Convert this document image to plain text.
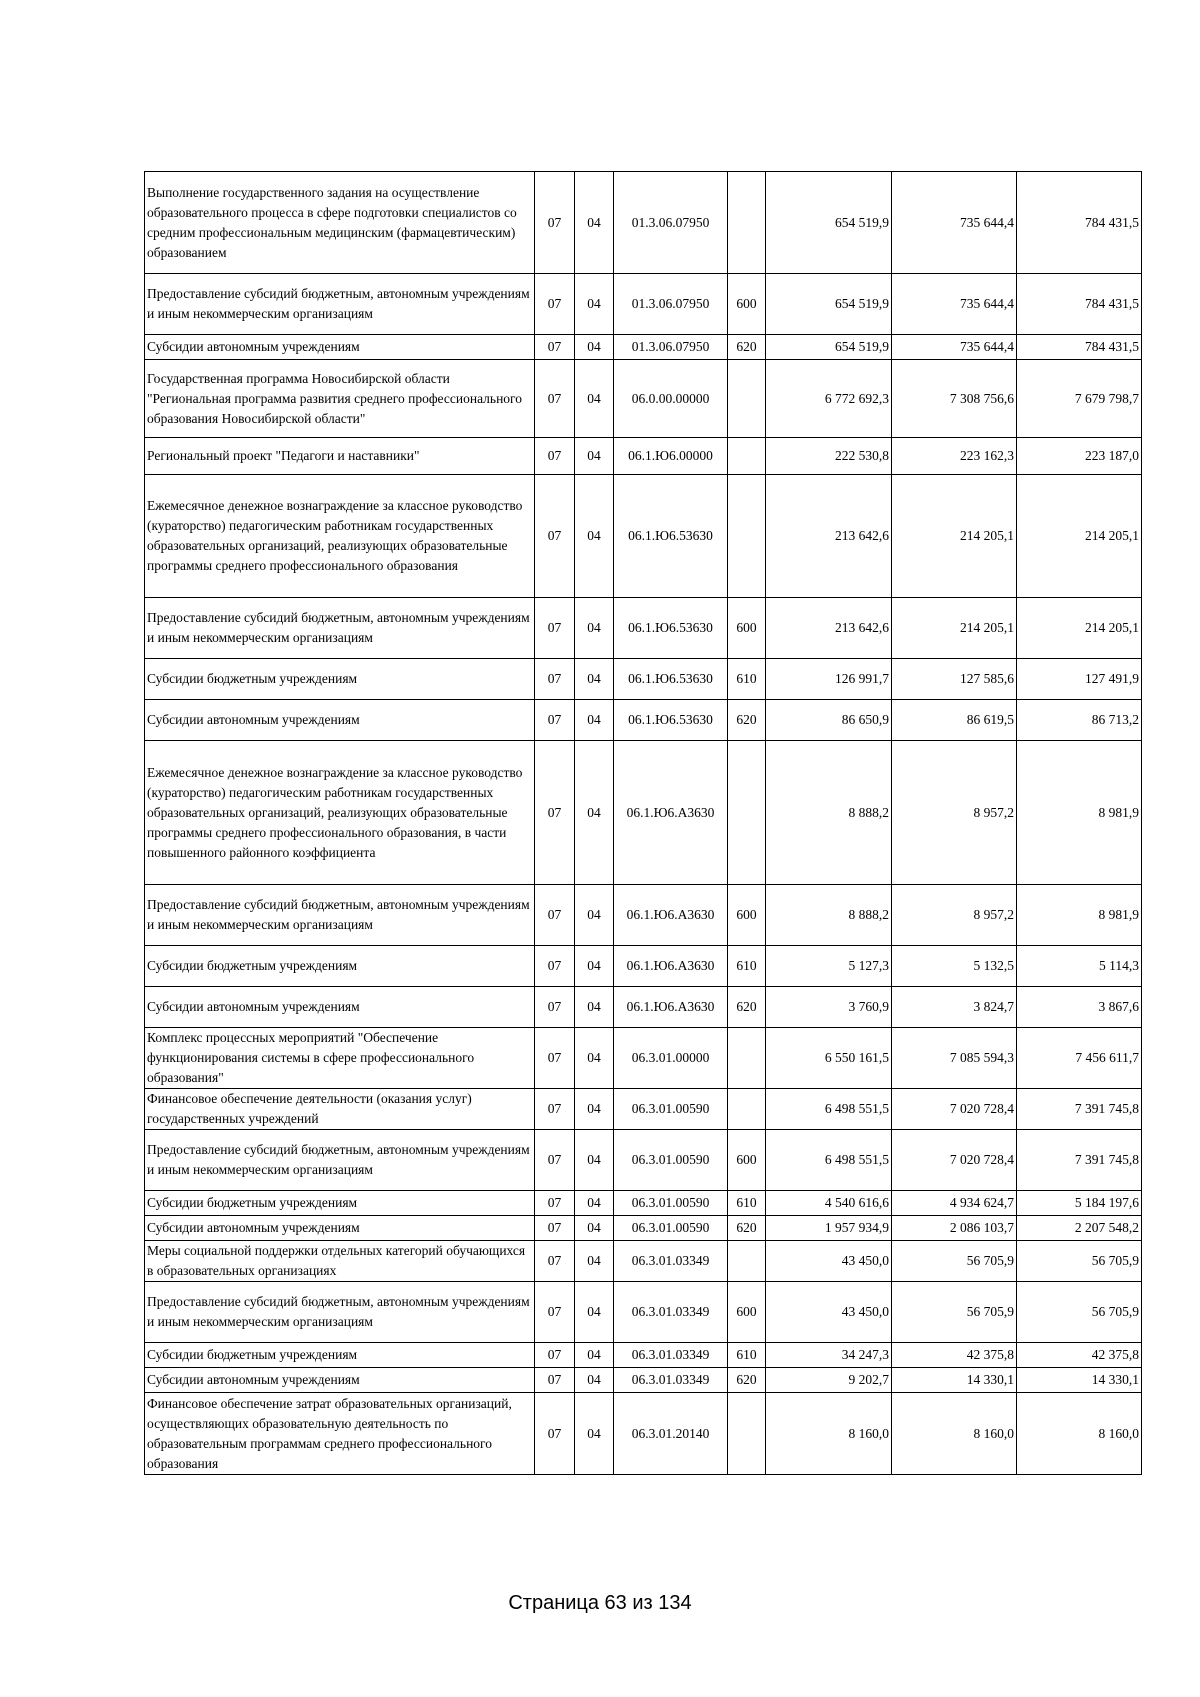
Выполнение государственного задания на осуществление образовательного процесса в сфере подготовки специалистов со средним профессиональным медицинским (фармацевтическим) образованием	07	04	01.3.06.07950		654 519,9	735 644,4	784 431,5
Предоставление субсидий бюджетным, автономным учреждениям и иным некоммерческим организациям	07	04	01.3.06.07950	600	654 519,9	735 644,4	784 431,5
Субсидии автономным учреждениям	07	04	01.3.06.07950	620	654 519,9	735 644,4	784 431,5
Государственная программа Новосибирской области "Региональная программа развития среднего профессионального образования Новосибирской области"	07	04	06.0.00.00000		6 772 692,3	7 308 756,6	7 679 798,7
Региональный проект "Педагоги и наставники"	07	04	06.1.Ю6.00000		222 530,8	223 162,3	223 187,0
Ежемесячное денежное вознаграждение за классное руководство (кураторство) педагогическим работникам государственных образовательных организаций, реализующих образовательные программы среднего профессионального образования	07	04	06.1.Ю6.53630		213 642,6	214 205,1	214 205,1
Предоставление субсидий бюджетным, автономным учреждениям и иным некоммерческим организациям	07	04	06.1.Ю6.53630	600	213 642,6	214 205,1	214 205,1
Субсидии бюджетным учреждениям	07	04	06.1.Ю6.53630	610	126 991,7	127 585,6	127 491,9
Субсидии автономным учреждениям	07	04	06.1.Ю6.53630	620	86 650,9	86 619,5	86 713,2
Ежемесячное денежное вознаграждение за классное руководство (кураторство) педагогическим работникам государственных образовательных организаций, реализующих образовательные программы среднего профессионального образования, в части повышенного районного коэффициента	07	04	06.1.Ю6.А3630		8 888,2	8 957,2	8 981,9
Предоставление субсидий бюджетным, автономным учреждениям и иным некоммерческим организациям	07	04	06.1.Ю6.А3630	600	8 888,2	8 957,2	8 981,9
Субсидии бюджетным учреждениям	07	04	06.1.Ю6.А3630	610	5 127,3	5 132,5	5 114,3
Субсидии автономным учреждениям	07	04	06.1.Ю6.А3630	620	3 760,9	3 824,7	3 867,6
Комплекс процессных мероприятий "Обеспечение функционирования системы в сфере профессионального образования"	07	04	06.3.01.00000		6 550 161,5	7 085 594,3	7 456 611,7
Финансовое обеспечение деятельности (оказания услуг) государственных учреждений	07	04	06.3.01.00590		6 498 551,5	7 020 728,4	7 391 745,8
Предоставление субсидий бюджетным, автономным учреждениям и иным некоммерческим организациям	07	04	06.3.01.00590	600	6 498 551,5	7 020 728,4	7 391 745,8
Субсидии бюджетным учреждениям	07	04	06.3.01.00590	610	4 540 616,6	4 934 624,7	5 184 197,6
Субсидии автономным учреждениям	07	04	06.3.01.00590	620	1 957 934,9	2 086 103,7	2 207 548,2
Меры социальной поддержки отдельных категорий обучающихся в образовательных организациях	07	04	06.3.01.03349		43 450,0	56 705,9	56 705,9
Предоставление субсидий бюджетным, автономным учреждениям и иным некоммерческим организациям	07	04	06.3.01.03349	600	43 450,0	56 705,9	56 705,9
Субсидии бюджетным учреждениям	07	04	06.3.01.03349	610	34 247,3	42 375,8	42 375,8
Субсидии автономным учреждениям	07	04	06.3.01.03349	620	9 202,7	14 330,1	14 330,1
Финансовое обеспечение затрат образовательных организаций, осуществляющих образовательную деятельность по образовательным программам среднего профессионального образования	07	04	06.3.01.20140		8 160,0	8 160,0	8 160,0
Страница 63 из 134
